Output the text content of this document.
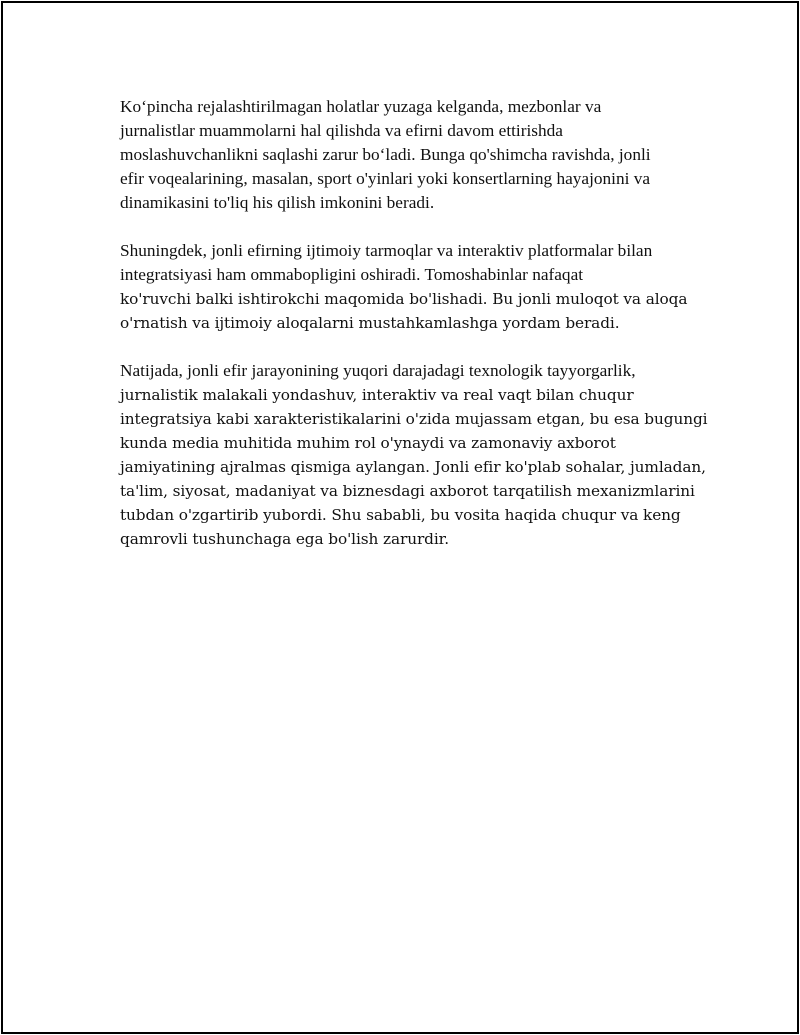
Ko‘pincha rejalashtirilmagan holatlar yuzaga kelganda, mezbonlar va
jurnalistlar muammolarni hal qilishda va efirni davom ettirishda
moslashuvchanlikni saqlashi zarur bo‘ladi. Bunga qo'shimcha ravishda, jonli
efir voqealarining, masalan, sport o'yinlari yoki konsertlarning hayajonini va
dinamikasini to'liq his qilish imkonini beradi.

Shuningdek, jonli efirning ijtimoiy tarmoqlar va interaktiv platformalar bilan
integratsiyasi ham ommabopligini oshiradi. Tomoshabinlar nafaqat
ko'ruvchi balki ishtirokchi maqomida bo'lishadi. Bu jonli muloqot va aloqa
o'rnatish va ijtimoiy aloqalarni mustahkamlashga yordam beradi.

Natijada, jonli efir jarayonining yuqori darajadagi texnologik tayyorgarlik,
jurnalistik malakali yondashuv, interaktiv va real vaqt bilan chuqur
integratsiya kabi xarakteristikalarini o'zida mujassam etgan, bu esa bugungi
kunda media muhitida muhim rol o'ynaydi va zamonaviy axborot
jamiyatining ajralmas qismiga aylangan. Jonli efir ko'plab sohalar, jumladan,
ta'lim, siyosat, madaniyat va biznesdagi axborot tarqatilish mexanizmlarini
tubdan o'zgartirib yubordi. Shu sababli, bu vosita haqida chuqur va keng
qamrovli tushunchaga ega bo'lish zarurdir.
